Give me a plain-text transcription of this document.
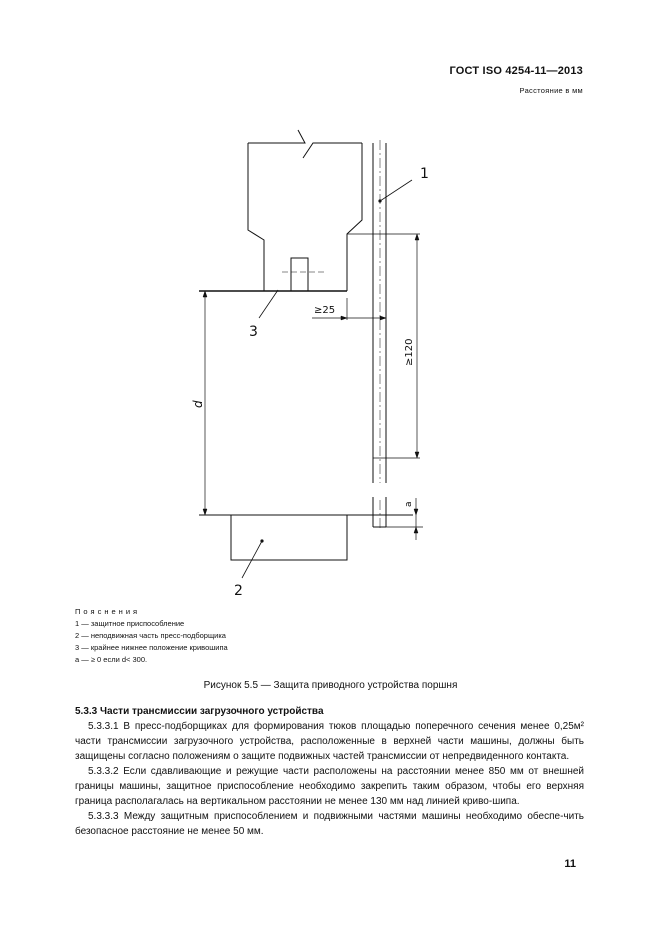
ГОСТ ISO 4254-11—2013
Расстояние в мм
1
2
3
≥25
≥120
d
a
Пояснения
1 — защитное приспособление
2 — неподвижная часть пресс-подборщика
3 — крайнее нижнее положение кривошипа
a — ≥ 0 если d< 300.
Рисунок 5.5 — Защита приводного устройства поршня

5.3.3 Части трансмиссии загрузочного устройства

5.3.3.1 В пресс-подборщиках для формирования тюков площадью поперечного сечения менее 0,25м² части трансмиссии загрузочного устройства, расположенные в верхней части машины, должны быть защищены согласно положениям о защите подвижных частей трансмиссии от непредвиденного контакта.

5.3.3.2 Если сдавливающие и режущие части расположены на расстоянии менее 850 мм от внешней границы машины, защитное приспособление необходимо закрепить таким образом, чтобы его верхняя граница располагалась на вертикальном расстоянии не менее 130 мм над линией криво-шипа.

5.3.3.3 Между защитным приспособлением и подвижными частями машины необходимо обеспе-чить безопасное расстояние не менее 50 мм.

11
